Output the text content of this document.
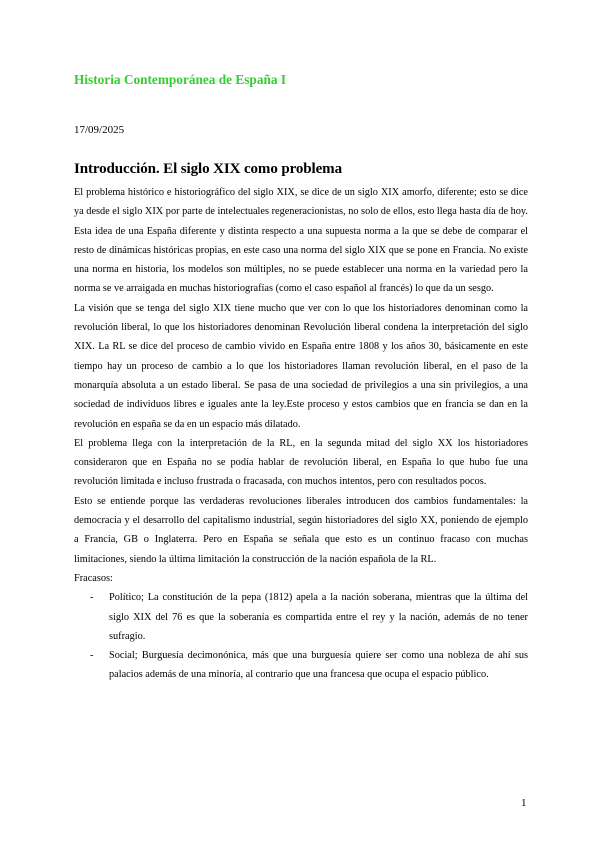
Historia Contemporánea de España I
17/09/2025
Introducción. El siglo XIX como problema

El problema histórico e historiográfico del siglo XIX, se dice de un siglo XIX amorfo, diferente; esto se dice ya desde el siglo XIX por parte de intelectuales regeneracionistas, no solo de ellos, esto llega hasta día de hoy.

Esta idea de una España diferente y distinta respecto a una supuesta norma a la que se debe de comparar el resto de dinámicas históricas propias, en este caso una norma del siglo XIX que se pone en Francia. No existe una norma en historia, los modelos son múltiples, no se puede establecer una norma en la variedad pero la norma se ve arraigada en muchas historiografías (como el caso español al francés) lo que da un sesgo.

La visión que se tenga del siglo XIX tiene mucho que ver con lo que los historiadores denominan como la revolución liberal, lo que los historiadores denominan Revolución liberal condena la interpretación del siglo XIX. La RL se dice del proceso de cambio vivido en España entre 1808 y los años 30, básicamente en este tiempo hay un proceso de cambio a lo que los historiadores llaman revolución liberal, en el paso de la monarquía absoluta a un estado liberal. Se pasa de una sociedad de privilegios a una sin privilegios, a una sociedad de individuos libres e iguales ante la ley.Este proceso y estos cambios que en francia se dan en la revolución en españa se da en un espacio más dilatado.

El problema llega con la interpretación de la RL, en la segunda mitad del siglo XX los historiadores consideraron que en España no se podía hablar de revolución liberal, en España lo que hubo fue una revolución limitada e incluso frustrada o fracasada, con muchos intentos, pero con resultados pocos.

Esto se entiende porque las verdaderas revoluciones liberales introducen dos cambios fundamentales: la democracia y el desarrollo del capitalismo industrial, según historiadores del siglo XX, poniendo de ejemplo a Francia, GB o Inglaterra. Pero en España se señala que esto es un continuo fracaso con muchas limitaciones, siendo la última limitación la construcción de la nación española de la RL.

Fracasos:

- Político; La constitución de la pepa (1812) apela a la nación soberana, mientras que la última del siglo XIX del 76 es que la soberanía es compartida entre el rey y la nación, además de no tener sufragio.
- Social; Burguesía decimonónica, más que una burguesía quiere ser como una nobleza de ahí sus palacios además de una minoría, al contrario que una francesa que ocupa el espacio público.
1
